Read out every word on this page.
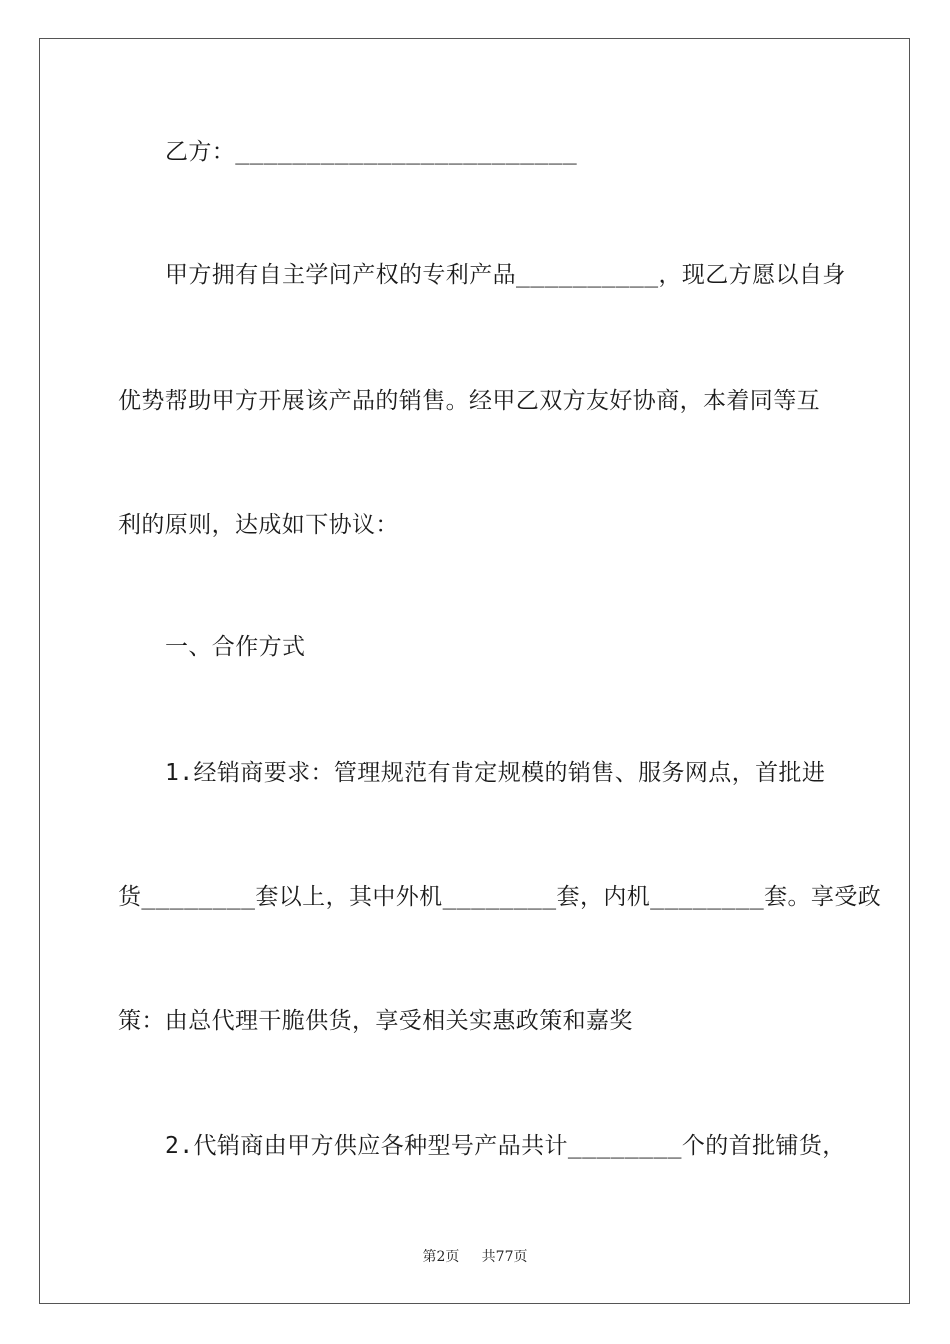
乙方：________________________
甲方拥有自主学问产权的专利产品__________，现乙方愿以自身
优势帮助甲方开展该产品的销售。经甲乙双方友好协商，本着同等互
利的原则，达成如下协议：
一、合作方式
1.经销商要求：管理规范有肯定规模的销售、服务网点，首批进
货________套以上，其中外机________套，内机________套。享受政
策：由总代理干脆供货，享受相关实惠政策和嘉奖
2.代销商由甲方供应各种型号产品共计________个的首批铺货，
第2页 共77页
